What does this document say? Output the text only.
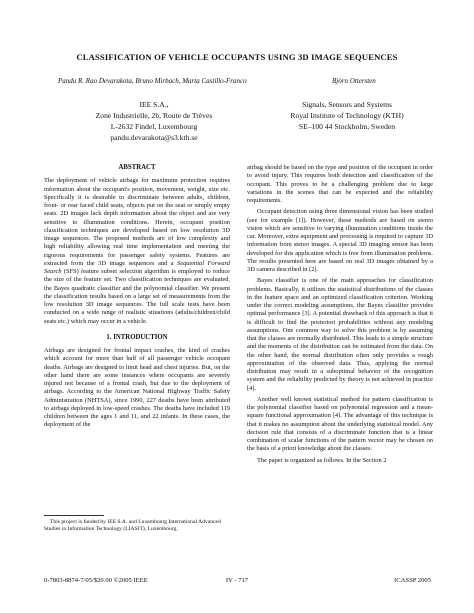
CLASSIFICATION OF VEHICLE OCCUPANTS USING 3D IMAGE SEQUENCES
Pandu R. Rao Devarakota, Bruno Mirbach, Marta Castillo-Franco	Björn Ottersten
IEE S.A.,
Zone Industrielle, 2b, Route de Trèves
L-2632 Findel, Luxembourg
pandu.devarakota@s3.kth.se
Signals, Sensors and Systems
Royal Institute of Technology (KTH)
SE–100 44 Stockholm, Sweden
ABSTRACT

The deployment of vehicle airbags for maximum protection requires information about the occupant's position, movement, weight, size etc. Specifically it is desirable to discriminate between adults, children, front- or rear faced child seats, objects put on the seat or simply empty seats. 2D images lack depth information about the object and are very sensitive to illumination conditions. Herein, occupant position classification techniques are developed based on low resolution 3D image sequences. The proposed methods are of low complexity and high reliability allowing real time implementation and meeting the rigorous requirements for passenger safety systems. Features are extracted from the 3D image sequences and a Sequential Forward Search (SFS) feature subset selection algorithm is employed to reduce the size of the feature set. Two classification techniques are evaluated, the Bayes quadratic classifier and the polynomial classifier. We present the classification results based on a large set of measurements from the low resolution 3D image sequences. The full scale tests have been conducted on a wide range of realistic situations (adults/children/child seats etc.) which may occur in a vehicle.

1. INTRODUCTION

Airbags are designed for frontal impact crashes, the kind of crashes which account for more than half of all passenger vehicle occupant deaths. Airbags are designed to limit head and chest injuries. But, on the other hand there are some instances where occupants are severely injured not because of a frontal crash, but due to the deployment of airbags. According to the American National Highway Traffic Safety Administration (NHTSA), since 1990, 227 deaths have been attributed to airbags deployed in low-speed crashes. The deaths have included 119 children between the ages 1 and 11, and 22 infants. In these cases, the deployment of the

This project is funded by IEE S.A. and Luxembourg International Advanced Studies in Information Technology (LIASIT), Luxembourg.

airbag should be based on the type and position of the occupant in order to avoid injury. This requires both detection and classification of the occupant. This proves to be a challenging problem due to large variations in the scenes that can be expected and the reliability requirements.

Occupant detection using three dimensional vision has been studied (see for example [1]). However, these methods are based on stereo vision which are sensitive to varying illumination conditions inside the car. Moreover, extra equipment and processing is required to capture 3D information from stereo images. A special 3D imaging sensor has been developed for this application which is free from illumination problems. The results presented here are based on real 3D images obtained by a 3D camera described in [2].

Bayes classifier is one of the main approaches for classification problems. Basically, it utilizes the statistical distributions of the classes in the feature space and an optimized classification criterion. Working under the correct modeling assumptions, the Bayes classifier provides optimal performance [3]. A potential drawback of this approach is that it is difficult to find the posteriori probabilities without any modeling assumptions. One common way to solve this problem is by assuming that the classes are normally distributed. This leads to a simple structure and the moments of the distribution can be estimated from the data. On the other hand, the normal distribution often only provides a rough approximation of the observed data. Thus, applying the normal distribution may result in a suboptimal behavior of the recognition system and the reliability predicted by theory is not achieved in practice [4].

Another well known statistical method for pattern classification is the polynomial classifier based on polynomial regression and a mean-square functional approximation [4]. The advantage of this technique is that it makes no assumption about the underlying statistical model. Any decision rule that consists of a discriminate function that is a linear combination of scalar functions of the pattern vector may be chosen on the basis of a priori knowledge about the classes.

The paper is organized as follows. In the Section 2

0-7803-8874-7/05/$20.00 ©2005 IEEE	IV - 717	ICASSP 2005
